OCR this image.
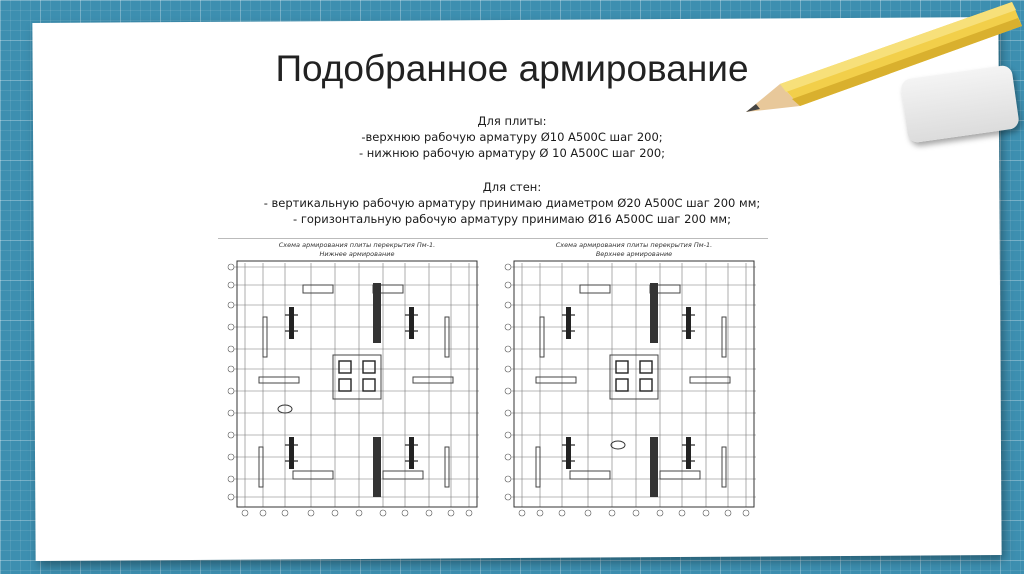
Подобранное армирование
Для плиты:
-верхнюю рабочую арматуру Ø10 А500С шаг 200;
- нижнюю рабочую арматуру Ø 10 А500С шаг 200;
Для стен:
- вертикальную рабочую арматуру принимаю диаметром Ø20 А500С шаг 200 мм;
- горизонтальную рабочую арматуру принимаю Ø16 А500С шаг 200 мм;
Схема армирования плиты перекрытия Пм-1.
Нижнее армирование
Схема армирования плиты перекрытия Пм-1.
Верхнее армирование
